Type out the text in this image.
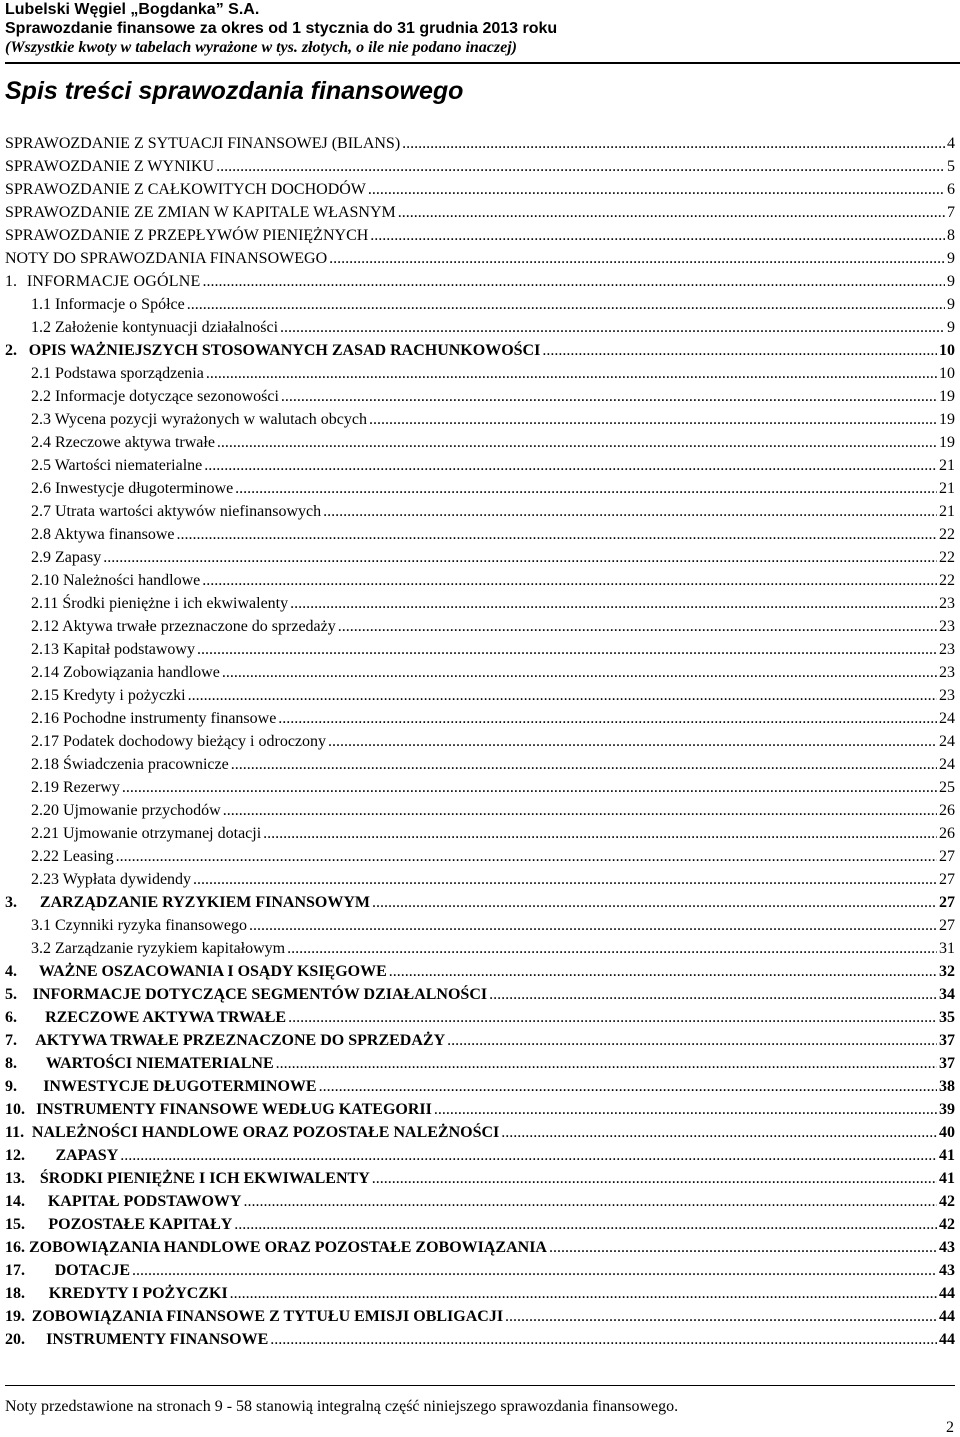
Lubelski Węgiel „Bogdanka” S.A.
Sprawozdanie finansowe za okres od 1 stycznia do 31 grudnia 2013 roku
(Wszystkie kwoty w tabelach wyrażone w tys. złotych, o ile nie podano inaczej)
Spis treści sprawozdania finansowego
SPRAWOZDANIE Z SYTUACJI FINANSOWEJ (BILANS) .....	4
SPRAWOZDANIE Z WYNIKU .....	5
SPRAWOZDANIE Z CAŁKOWITYCH DOCHODÓW .....	6
SPRAWOZDANIE ZE ZMIAN W KAPITALE WŁASNYM .....	7
SPRAWOZDANIE Z PRZEPŁYWÓW PIENIĘŻNYCH .....	8
NOTY DO SPRAWOZDANIA FINANSOWEGO .....	9
1. INFORMACJE OGÓLNE .....	9
1.1 Informacje o Spółce .....	9
1.2 Założenie kontynuacji działalności .....	9
2. OPIS WAŻNIEJSZYCH STOSOWANYCH ZASAD RACHUNKOWOŚCI .....	10
2.1 Podstawa sporządzenia .....	10
2.2 Informacje dotyczące sezonowości .....	19
2.3 Wycena pozycji wyrażonych w walutach obcych .....	19
2.4 Rzeczowe aktywa trwałe .....	19
2.5 Wartości niematerialne .....	21
2.6 Inwestycje długoterminowe .....	21
2.7 Utrata wartości aktywów niefinansowych .....	21
2.8 Aktywa finansowe .....	22
2.9 Zapasy .....	22
2.10 Należności handlowe .....	22
2.11 Środki pieniężne i ich ekwiwalenty .....	23
2.12 Aktywa trwałe przeznaczone do sprzedaży .....	23
2.13 Kapitał podstawowy .....	23
2.14 Zobowiązania handlowe .....	23
2.15 Kredyty i pożyczki .....	23
2.16 Pochodne instrumenty finansowe .....	24
2.17 Podatek dochodowy bieżący i odroczony .....	24
2.18 Świadczenia pracownicze .....	24
2.19 Rezerwy .....	25
2.20 Ujmowanie przychodów .....	26
2.21 Ujmowanie otrzymanej dotacji .....	26
2.22 Leasing .....	27
2.23 Wypłata dywidendy .....	27
3.	ZARZĄDZANIE RYZYKIEM FINANSOWYM .....	27
3.1 Czynniki ryzyka finansowego .....	27
3.2 Zarządzanie ryzykiem kapitałowym .....	31
4.	WAŻNE OSZACOWANIA I OSĄDY KSIĘGOWE .....	32
5. INFORMACJE DOTYCZĄCE SEGMENTÓW DZIAŁALNOŚCI .....	34
6.	RZECZOWE AKTYWA TRWAŁE .....	35
7.	AKTYWA TRWAŁE PRZEZNACZONE DO SPRZEDAŻY .....	37
8.	WARTOŚCI NIEMATERIALNE .....	37
9.	INWESTYCJE DŁUGOTERMINOWE .....	38
10. INSTRUMENTY FINANSOWE WEDŁUG KATEGORII .....	39
11. NALEŻNOŚCI HANDLOWE ORAZ POZOSTAŁE NALEŻNOŚCI .....	40
12.	ZAPASY .....	41
13. ŚRODKI PIENIĘŻNE I ICH EKWIWALENTY .....	41
14.	KAPITAŁ PODSTAWOWY .....	42
15.	POZOSTAŁE KAPITAŁY .....	42
16. ZOBOWIĄZANIA HANDLOWE ORAZ POZOSTAŁE ZOBOWIĄZANIA .....	43
17.	DOTACJE .....	43
18.	KREDYTY I POŻYCZKI .....	44
19. ZOBOWIĄZANIA FINANSOWE Z TYTUŁU EMISJI OBLIGACJI .....	44
20.	INSTRUMENTY FINANSOWE .....	44
Noty przedstawione na stronach 9 - 58 stanowią integralną część niniejszego sprawozdania finansowego.
2
